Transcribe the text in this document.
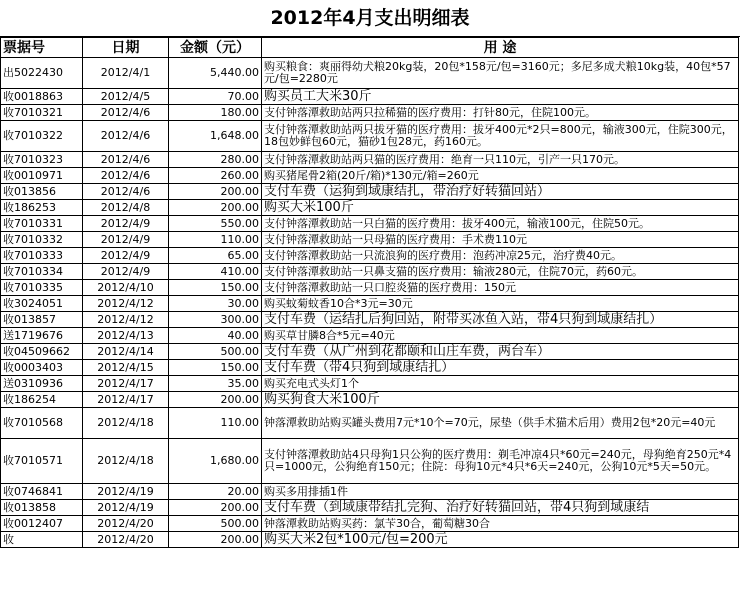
2012年4月支出明细表
票据号	日期	金额（元）	用 途
出5022430	2012/4/1	5,440.00	购买粮食：爽丽得幼犬粮20kg装，20包*158元/包=3160元；多尼多成犬粮10kg装，40包*57元/包=2280元
收0018863	2012/4/5	70.00	购买员工大米30斤
收7010321	2012/4/6	180.00	支付钟落潭救助站两只拉稀猫的医疗费用：打针80元，住院100元。
收7010322	2012/4/6	1,648.00	支付钟落潭救助站两只拔牙猫的医疗费用：拔牙400元*2只=800元，输液300元，住院300元，18包妙鲜包60元，猫砂1包28元，药160元。
收7010323	2012/4/6	280.00	支付钟落潭救助站两只猫的医疗费用：绝育一只110元，引产一只170元。
收0010971	2012/4/6	260.00	购买猪尾骨2箱(20斤/箱)*130元/箱=260元
收013856	2012/4/6	200.00	支付车费（运狗到域康结扎，带治疗好转猫回站）
收186253	2012/4/8	200.00	购买大米100斤
收7010331	2012/4/9	550.00	支付钟落潭救助站一只白猫的医疗费用：拔牙400元，输液100元，住院50元。
收7010332	2012/4/9	110.00	支付钟落潭救助站一只母猫的医疗费用：手术费110元
收7010333	2012/4/9	65.00	支付钟落潭救助站一只流浪狗的医疗费用：泡药冲凉25元，治疗费40元。
收7010334	2012/4/9	410.00	支付钟落潭救助站一只鼻支猫的医疗费用：输液280元，住院70元，药60元。
收7010335	2012/4/10	150.00	支付钟落潭救助站一只口腔炎猫的医疗费用：150元
收3024051	2012/4/12	30.00	购买蚊菊蚊香10合*3元=30元
收013857	2012/4/12	300.00	支付车费（运结扎后狗回站，附带买冰鱼入站，带4只狗到域康结扎）
送1719676	2012/4/13	40.00	购买草甘膦8合*5元=40元
收04509662	2012/4/14	500.00	支付车费（从广州到花都颐和山庄车费，两台车）
收0003403	2012/4/15	150.00	支付车费（带4只狗到域康结扎）
送0310936	2012/4/17	35.00	购买充电式头灯1个
收186254	2012/4/17	200.00	购买狗食大米100斤
收7010568	2012/4/18	110.00	钟落潭救助站购买罐头费用7元*10个=70元，尿垫（供手术猫术后用）费用2包*20元=40元
收7010571	2012/4/18	1,680.00	支付钟落潭救助站4只母狗1只公狗的医疗费用：剃毛冲凉4只*60元=240元，母狗绝育250元*4只=1000元，公狗绝育150元；住院：母狗10元*4只*6天=240元，公狗10元*5天=50元。
收0746841	2012/4/19	20.00	购买多用排插1件
收013858	2012/4/19	200.00	支付车费（到域康带结扎完狗、治疗好转猫回站，带4只狗到域康结
收0012407	2012/4/20	500.00	钟落潭救助站购买药：氯苄30合，葡萄糖30合
收	2012/4/20	200.00	购买大米2包*100元/包=200元
